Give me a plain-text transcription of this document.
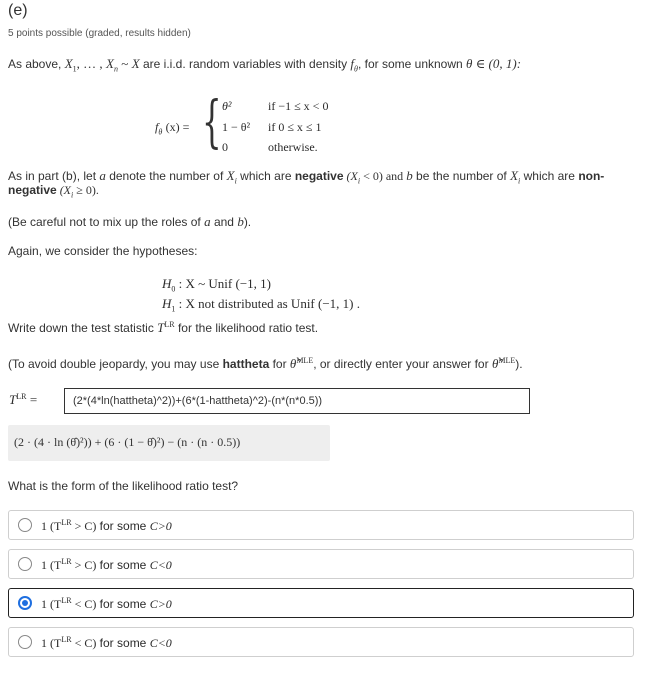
(e)
5 points possible (graded, results hidden)
As above, $X_1$, … , $X_n$ ~ X are i.i.d. random variables with density $f_\theta$, for some unknown θ ∈ (0, 1):
$f_\theta$ (x) = { θ²	if −1 ≤ x < 0
1 − θ² if 0 ≤ x ≤ 1
0	otherwise.
As in part (b), let a denote the number of $X_i$ which are negative $(X_i < 0)$ and b be the number of $X_i$ which are non-
negative $(X_i \ge 0)$.
(Be careful not to mix up the roles of a and b).
Again, we consider the hypotheses:
$H_0$ : X ~ Unif (−1, 1)
$H_1$ : X not distributed as Unif (−1, 1) .
Write down the test statistic $T^{LR}$ for the likelihood ratio test.
(To avoid double jeopardy, you may use hattheta for θ̂$^{MLE}$, or directly enter your answer for θ̂$^{MLE}$).
$T^{LR}$ =
(2*(4*ln(hattheta)^2))+(6*(1-hattheta)^2)-(n*(n*0.5))
(2 · (4 · ln (θ̂)²)) + (6 · (1 − θ̂)²) − (n · (n · 0.5))
What is the form of the likelihood ratio test?
1 $(T^{LR} > C)$ for some C>0
1 $(T^{LR} > C)$ for some C<0
1 $(T^{LR} < C)$ for some C>0
1 $(T^{LR} < C)$ for some C<0
